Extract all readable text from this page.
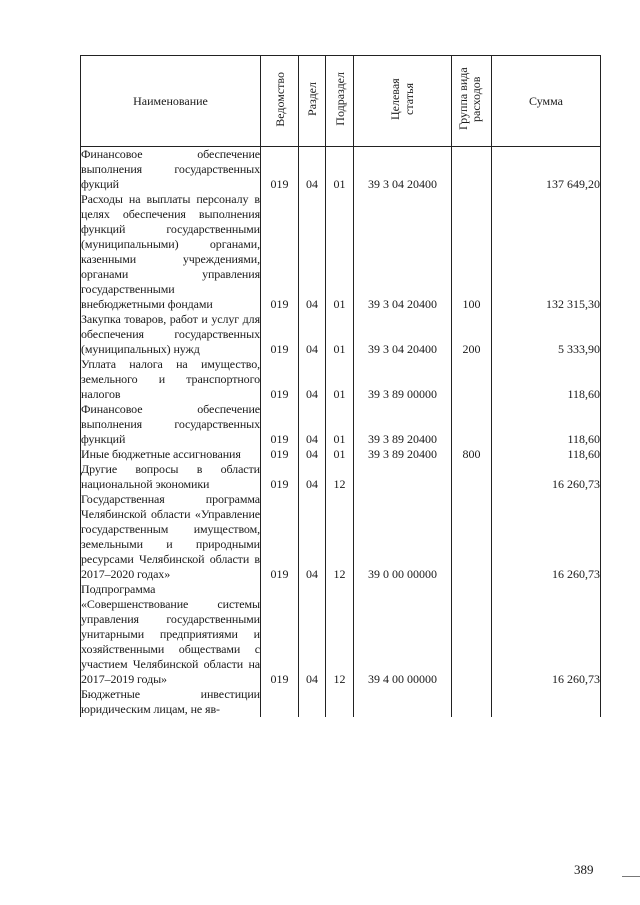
Наименование	Ведомство	Раздел	Подраздел	Целевая статья	Группа вида расходов	Сумма
Финансовое обеспечение выполнения государственных фукций	019	04	01	39 3 04 20400		137 649,20
Расходы на выплаты персоналу в целях обеспечения выполнения функций государственными (муниципальными) органами, казенными учреждениями, органами управления государственными внебюджетными фондами	019	04	01	39 3 04 20400	100	132 315,30
Закупка товаров, работ и услуг для обеспечения государственных (муниципальных) нужд	019	04	01	39 3 04 20400	200	5 333,90
Уплата налога на имущество, земельного и транспортного налогов	019	04	01	39 3 89 00000		118,60
Финансовое обеспечение выполнения государственных функций	019	04	01	39 3 89 20400		118,60
Иные бюджетные ассигнования	019	04	01	39 3 89 20400	800	118,60
Другие вопросы в области национальной экономики	019	04	12			16 260,73
Государственная программа Челябинской области «Управление государственным имуществом, земельными и природными ресурсами Челябинской области в 2017–2020 годах»	019	04	12	39 0 00 00000		16 260,73
Подпрограмма «Совершенствование системы управления государственными унитарными предприятиями и хозяйственными обществами с участием Челябинской области на 2017–2019 годы»	019	04	12	39 4 00 00000		16 260,73
Бюджетные инвестиции юридическим лицам, не яв-						
389
